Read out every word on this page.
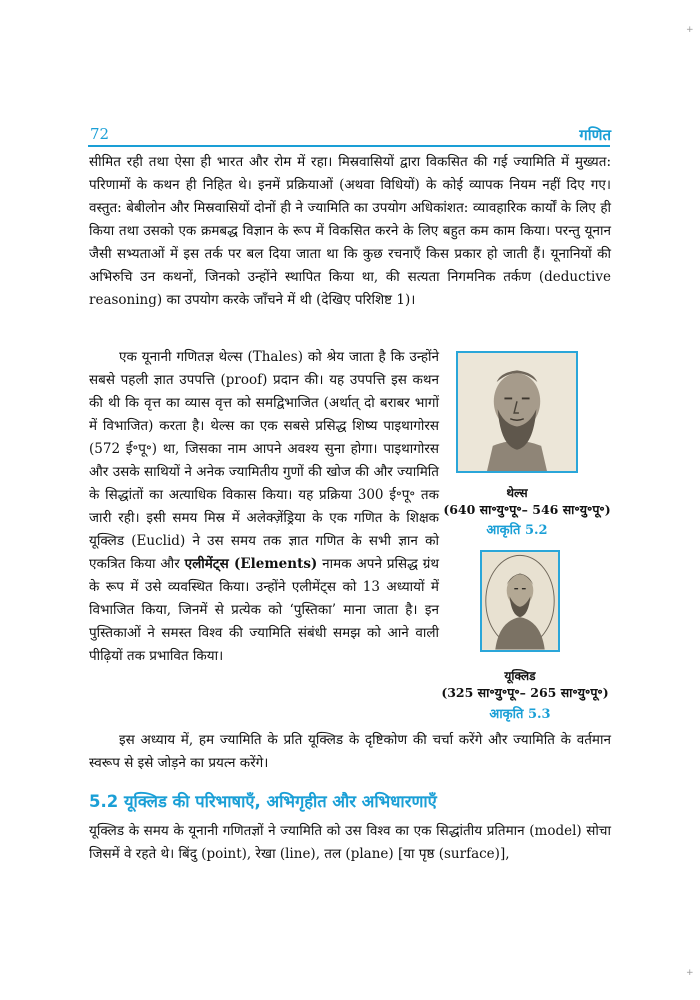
+
+
72	गणित

सीमित रही तथा ऐसा ही भारत और रोम में रहा। मिस्रवासियों द्वारा विकसित की गई ज्यामिति में मुख्यत: परिणामों के कथन ही निहित थे। इनमें प्रक्रियाओं (अथवा विधियों) के कोई व्यापक नियम नहीं दिए गए। वस्तुत: बेबीलोन और मिस्रवासियों दोनों ही ने ज्यामिति का उपयोग अधिकांशत: व्यावहारिक कार्यों के लिए ही किया तथा उसको एक क्रमबद्ध विज्ञान के रूप में विकसित करने के लिए बहुत कम काम किया। परन्तु यूनान जैसी सभ्यताओं में इस तर्क पर बल दिया जाता था कि कुछ रचनाएँ किस प्रकार हो जाती हैं। यूनानियों की अभिरुचि उन कथनों, जिनको उन्होंने स्थापित किया था, की सत्यता निगमनिक तर्कण (deductive reasoning) का उपयोग करके जाँचने में थी (देखिए परिशिष्ट 1)।

एक यूनानी गणितज्ञ थेल्स (Thales) को श्रेय जाता है कि उन्होंने सबसे पहली ज्ञात उपपत्ति (proof) प्रदान की। यह उपपत्ति इस कथन की थी कि वृत्त का व्यास वृत्त को समद्विभाजित (अर्थात् दो बराबर भागों में विभाजित) करता है। थेल्स का एक सबसे प्रसिद्ध शिष्य पाइथागोरस (572 ई॰पू॰) था, जिसका नाम आपने अवश्य सुना होगा। पाइथागोरस और उसके साथियों ने अनेक ज्यामितीय गुणों की खोज की और ज्यामिति के सिद्धांतों का अत्याधिक विकास किया। यह प्रक्रिया 300 ई॰पू॰ तक जारी रही। इसी समय मिस्र में अलेक्ज़ेंड्रिया के एक गणित के शिक्षक यूक्लिड (Euclid) ने उस समय तक ज्ञात गणित के सभी ज्ञान को एकत्रित किया और एलीमेंट्स (Elements) नामक अपने प्रसिद्ध ग्रंथ के रूप में उसे व्यवस्थित किया। उन्होंने एलीमेंट्स को 13 अध्यायों में विभाजित किया, जिनमें से प्रत्येक को ‘पुस्तिका’ माना जाता है। इन पुस्तिकाओं ने समस्त विश्व की ज्यामिति संबंधी समझ को आने वाली पीढ़ियों तक प्रभावित किया।

इस अध्याय में, हम ज्यामिति के प्रति यूक्लिड के दृष्टिकोण की चर्चा करेंगे और ज्यामिति के वर्तमान स्वरूप से इसे जोड़ने का प्रयत्न करेंगे।

5.2 यूक्लिड की परिभाषाएँ, अभिगृहीत और अभिधारणाएँ

यूक्लिड के समय के यूनानी गणितज्ञों ने ज्यामिति को उस विश्व का एक सिद्धांतीय प्रतिमान (model) सोचा जिसमें वे रहते थे। बिंदु (point), रेखा (line), तल (plane) [या पृष्ठ (surface)],

थेल्स
(640 सा॰यु॰पू॰– 546 सा॰यु॰पू॰)
आकृति 5.2
यूक्लिड
(325 सा॰यु॰पू॰– 265 सा॰यु॰पू॰)
आकृति 5.3
